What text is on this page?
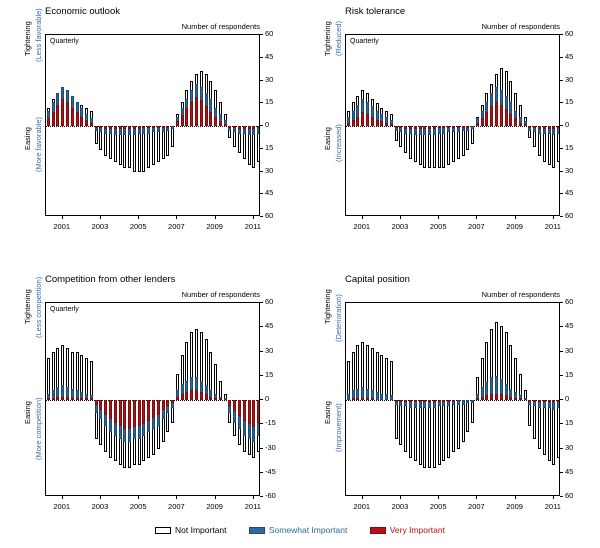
Economic outlook
Number of respondents
Quarterly
60
45
30
15
0
15
30
45
60
2001	2003	2005	2007	2009	2011
Tightening (Less favorable)
Easing (More favorable)
Risk tolerance
Number of respondents
Quarterly
60
45
30
15
0
15
30
45
60
2001	2003	2005	2007	2009	2011
Tightening (Reduced)
Easing (Increased)
Competition from other lenders
Number of respondents
Quarterly
60
45
30
15
0
-15
-30
-45
-60
2001	2003	2005	2007	2009	2011
Tightening (Less competition)
Easing (More competition)
Capital position
Number of respondents
60
45
30
15
0
15
30
45
60
2001	2003	2005	2007	2009	2011
Tightening (Deterioration)
Easing (Improvement)
Not Important	Somewhat Important	Very Important
